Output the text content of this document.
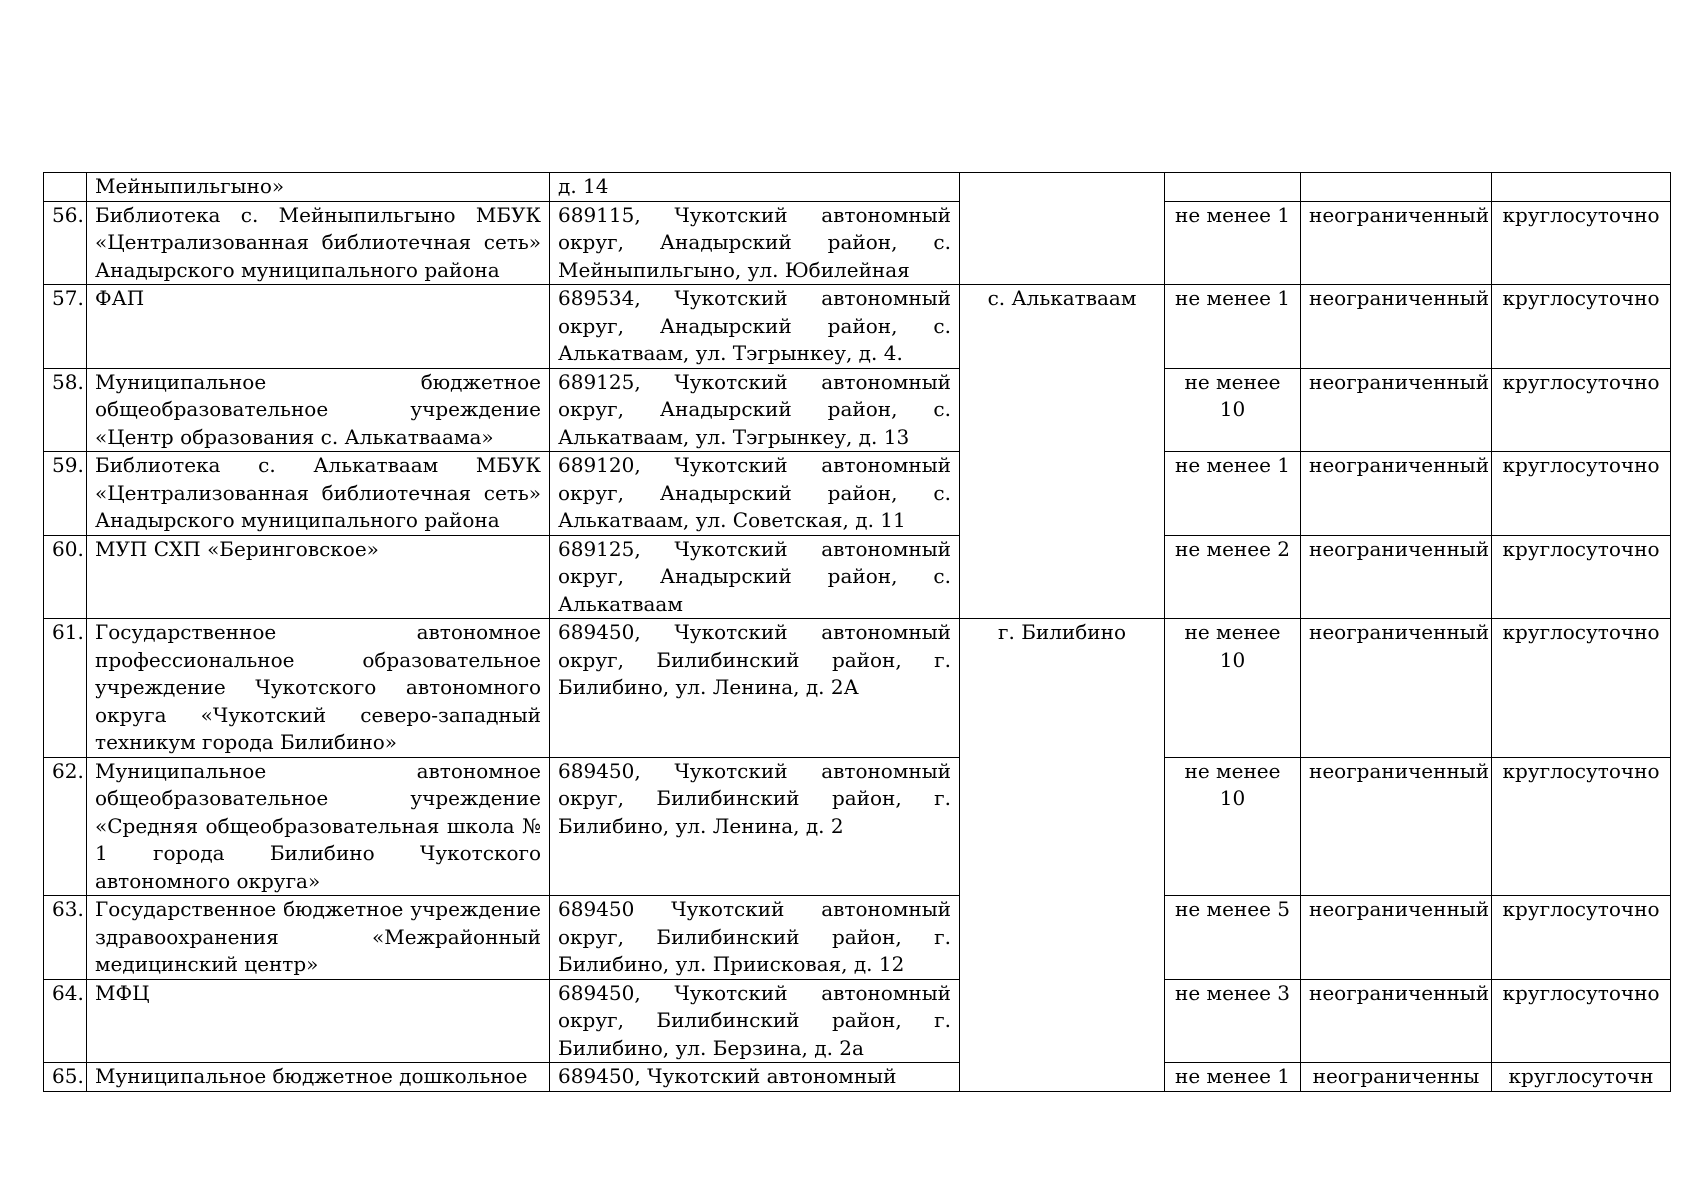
	Мейныпильгыно»	д. 14				
56.	Библиотека с. Мейныпильгыно МБУК «Централизованная библиотечная сеть» Анадырского муниципального района	689115, Чукотский автономный округ, Анадырский район, с. Мейныпильгыно, ул. Юбилейная		не менее 1	неограниченный	круглосуточно
57.	ФАП	689534, Чукотский автономный округ, Анадырский район, с. Алькатваам, ул. Тэгрынкеу, д. 4.	с. Алькатваам	не менее 1	неограниченный	круглосуточно
58.	Муниципальное бюджетное общеобразовательное учреждение «Центр образования с. Алькатваама»	689125, Чукотский автономный округ, Анадырский район, с. Алькатваам, ул. Тэгрынкеу, д. 13		не менее 10	неограниченный	круглосуточно
59.	Библиотека с. Алькатваам МБУК «Централизованная библиотечная сеть» Анадырского муниципального района	689120, Чукотский автономный округ, Анадырский район, с. Алькатваам, ул. Советская, д. 11		не менее 1	неограниченный	круглосуточно
60.	МУП СХП «Беринговское»	689125, Чукотский автономный округ, Анадырский район, с. Алькатваам		не менее 2	неограниченный	круглосуточно
61.	Государственное автономное профессиональное образовательное учреждение Чукотского автономного округа «Чукотский северо-западный техникум города Билибино»	689450, Чукотский автономный округ, Билибинский район, г. Билибино, ул. Ленина, д. 2А	г. Билибино	не менее 10	неограниченный	круглосуточно
62.	Муниципальное автономное общеобразовательное учреждение «Средняя общеобразовательная школа № 1 города Билибино Чукотского автономного округа»	689450, Чукотский автономный округ, Билибинский район, г. Билибино, ул. Ленина, д. 2		не менее 10	неограниченный	круглосуточно
63.	Государственное бюджетное учреждение здравоохранения «Межрайонный медицинский центр»	689450 Чукотский автономный округ, Билибинский район, г. Билибино, ул. Приисковая, д. 12		не менее 5	неограниченный	круглосуточно
64.	МФЦ	689450, Чукотский автономный округ, Билибинский район, г. Билибино, ул. Берзина, д. 2а		не менее 3	неограниченный	круглосуточно
65.	Муниципальное бюджетное дошкольное	689450, Чукотский автономный		не менее 1	неограниченны	круглосуточн
